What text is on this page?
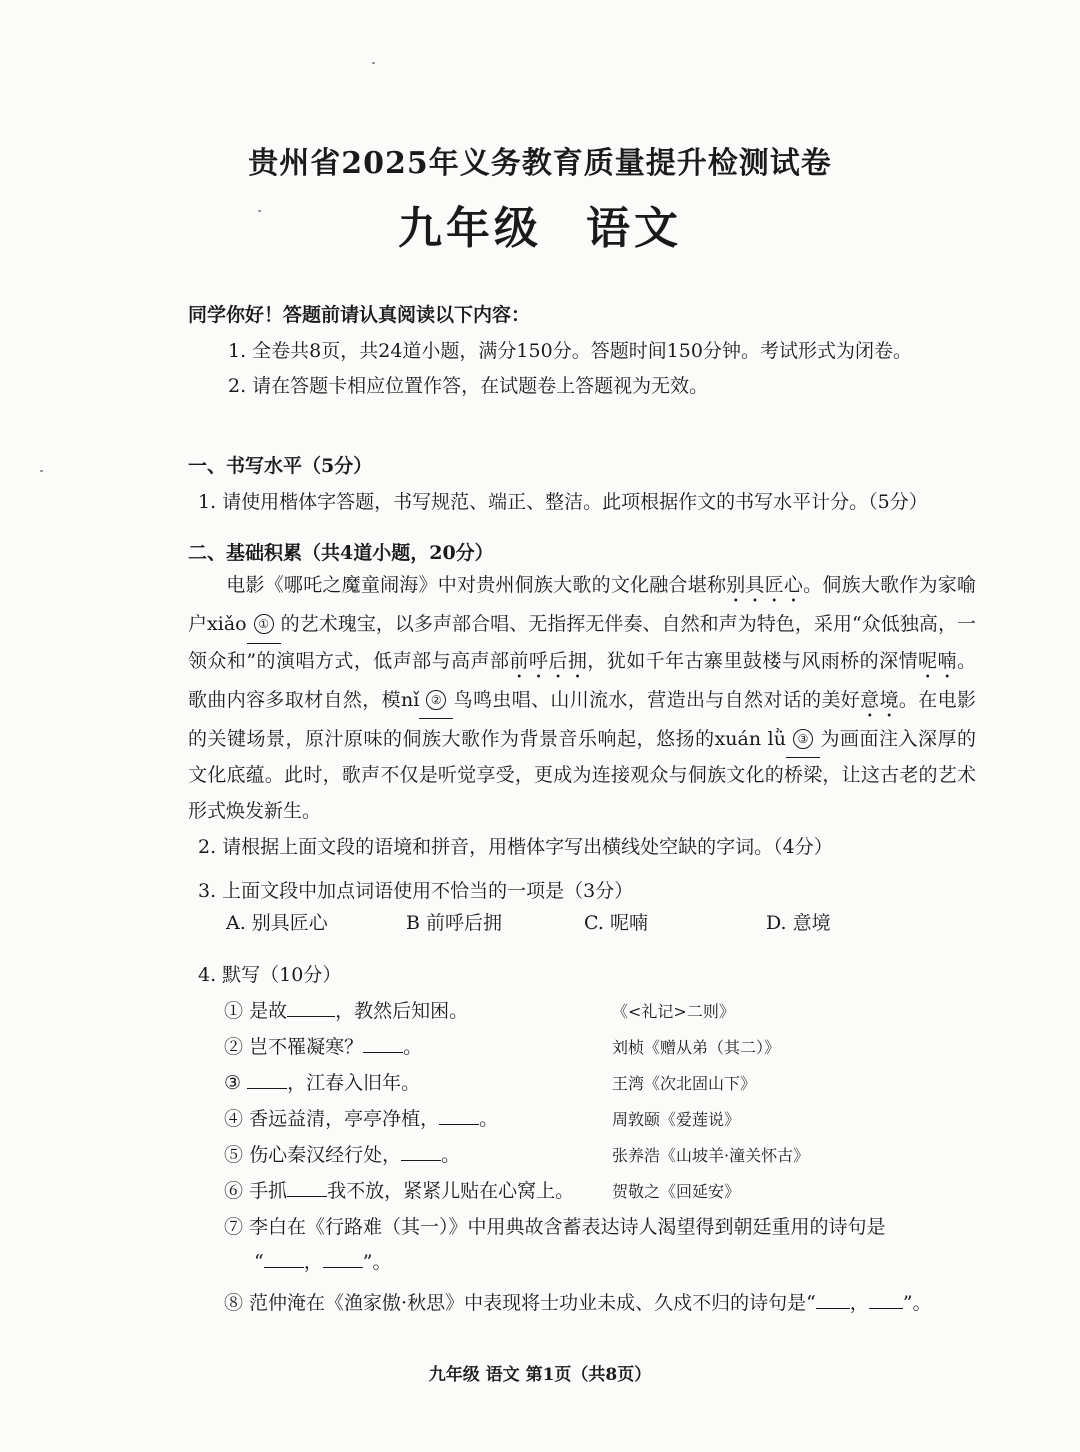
贵州省2025年义务教育质量提升检测试卷
九年级 语文
同学你好！答题前请认真阅读以下内容：
1. 全卷共8页，共24道小题，满分150分。答题时间150分钟。考试形式为闭卷。
2. 请在答题卡相应位置作答，在试题卷上答题视为无效。
一、书写水平（5分）
1. 请使用楷体字答题，书写规范、端正、整洁。此项根据作文的书写水平计分。（5分）
二、基础积累（共4道小题，20分）
电影《哪吒之魔童闹海》中对贵州侗族大歌的文化融合堪称别具匠心。侗族大歌作为家喻户xiǎo ① 的艺术瑰宝，以多声部合唱、无指挥无伴奏、自然和声为特色，采用“众低独高，一领众和”的演唱方式，低声部与高声部前呼后拥，犹如千年古寨里鼓楼与风雨桥的深情呢喃。歌曲内容多取材自然，模nǐ ② 鸟鸣虫唱、山川流水，营造出与自然对话的美好意境。在电影的关键场景，原汁原味的侗族大歌作为背景音乐响起，悠扬的xuán lǜ ③ 为画面注入深厚的文化底蕴。此时，歌声不仅是听觉享受，更成为连接观众与侗族文化的桥梁，让这古老的艺术形式焕发新生。
2. 请根据上面文段的语境和拼音，用楷体字写出横线处空缺的字词。（4分）
3. 上面文段中加点词语使用不恰当的一项是（3分）
A. 别具匠心	B 前呼后拥	C. 呢喃	D. 意境
4. 默写（10分）
① 是故	，教然后知困。	《<礼记>二则》
② 岂不罹凝寒？ 。	刘桢《赠从弟（其二）》
③ ，江春入旧年。	王湾《次北固山下》
④ 香远益清，亭亭净植， 。	周敦颐《爱莲说》
⑤ 伤心秦汉经行处， 。	张养浩《山坡羊·潼关怀古》
⑥ 手抓 我不放，紧紧儿贴在心窝上。 贺敬之《回延安》
⑦ 李白在《行路难（其一）》中用典故含蓄表达诗人渴望得到朝廷重用的诗句是
“ ， ”。
⑧ 范仲淹在《渔家傲·秋思》中表现将士功业未成、久戍不归的诗句是“ ， ”。
九年级 语文 第1页（共8页）
